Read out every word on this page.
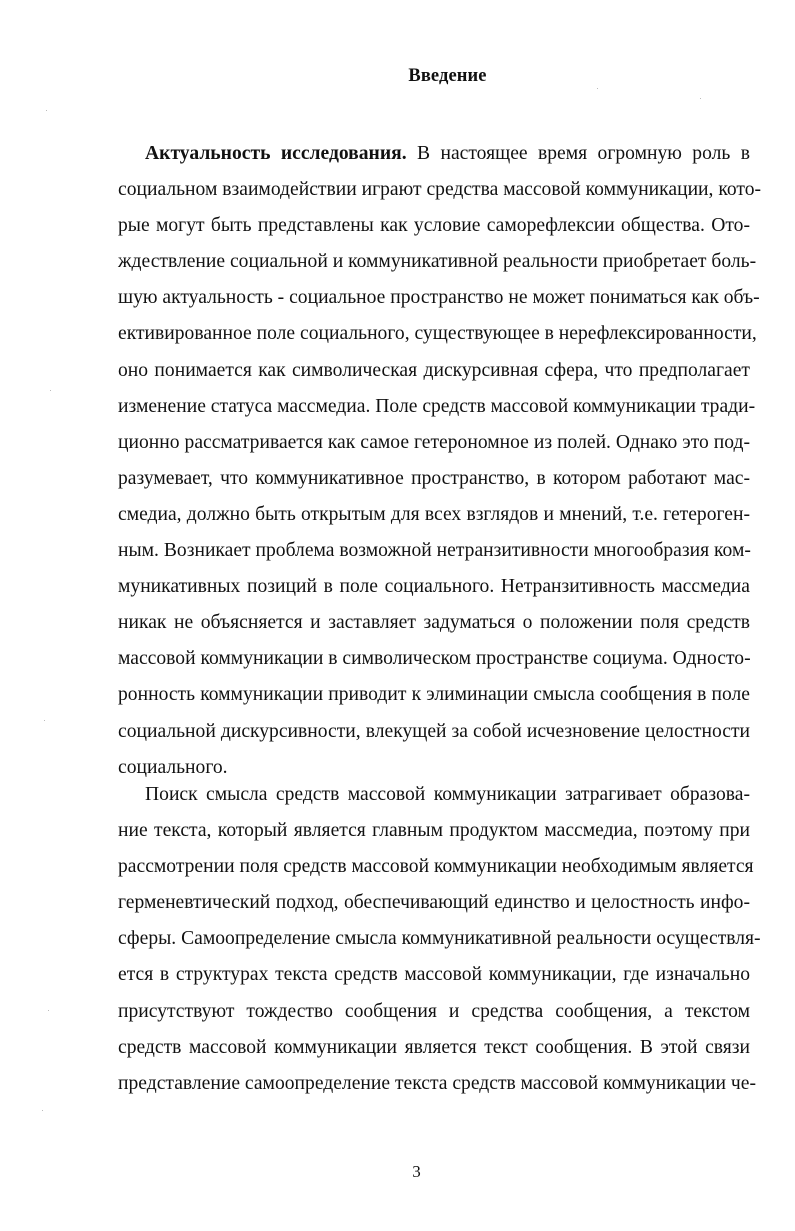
Введение
Актуальность исследования. В настоящее время огромную роль в
социальном взаимодействии играют средства массовой коммуникации, кото-
рые могут быть представлены как условие саморефлексии общества. Ото-
ждествление социальной и коммуникативной реальности приобретает боль-
шую актуальность - социальное пространство не может пониматься как объ-
ективированное поле социального, существующее в нерефлексированности,
оно понимается как символическая дискурсивная сфера, что предполагает
изменение статуса массмедиа. Поле средств массовой коммуникации тради-
ционно рассматривается как самое гетерономное из полей. Однако это под-
разумевает, что коммуникативное пространство, в котором работают мас-
смедиа, должно быть открытым для всех взглядов и мнений, т.е. гетероген-
ным. Возникает проблема возможной нетранзитивности многообразия ком-
муникативных позиций в поле социального. Нетранзитивность массмедиа
никак не объясняется и заставляет задуматься о положении поля средств
массовой коммуникации в символическом пространстве социума. Односто-
ронность коммуникации приводит к элиминации смысла сообщения в поле
социальной дискурсивности, влекущей за собой исчезновение целостности
социального.
Поиск смысла средств массовой коммуникации затрагивает образова-
ние текста, который является главным продуктом массмедиа, поэтому при
рассмотрении поля средств массовой коммуникации необходимым является
герменевтический подход, обеспечивающий единство и целостность инфо-
сферы. Самоопределение смысла коммуникативной реальности осуществля-
ется в структурах текста средств массовой коммуникации, где изначально
присутствуют тождество сообщения и средства сообщения, а текстом
средств массовой коммуникации является текст сообщения. В этой связи
представление самоопределение текста средств массовой коммуникации че-
3
